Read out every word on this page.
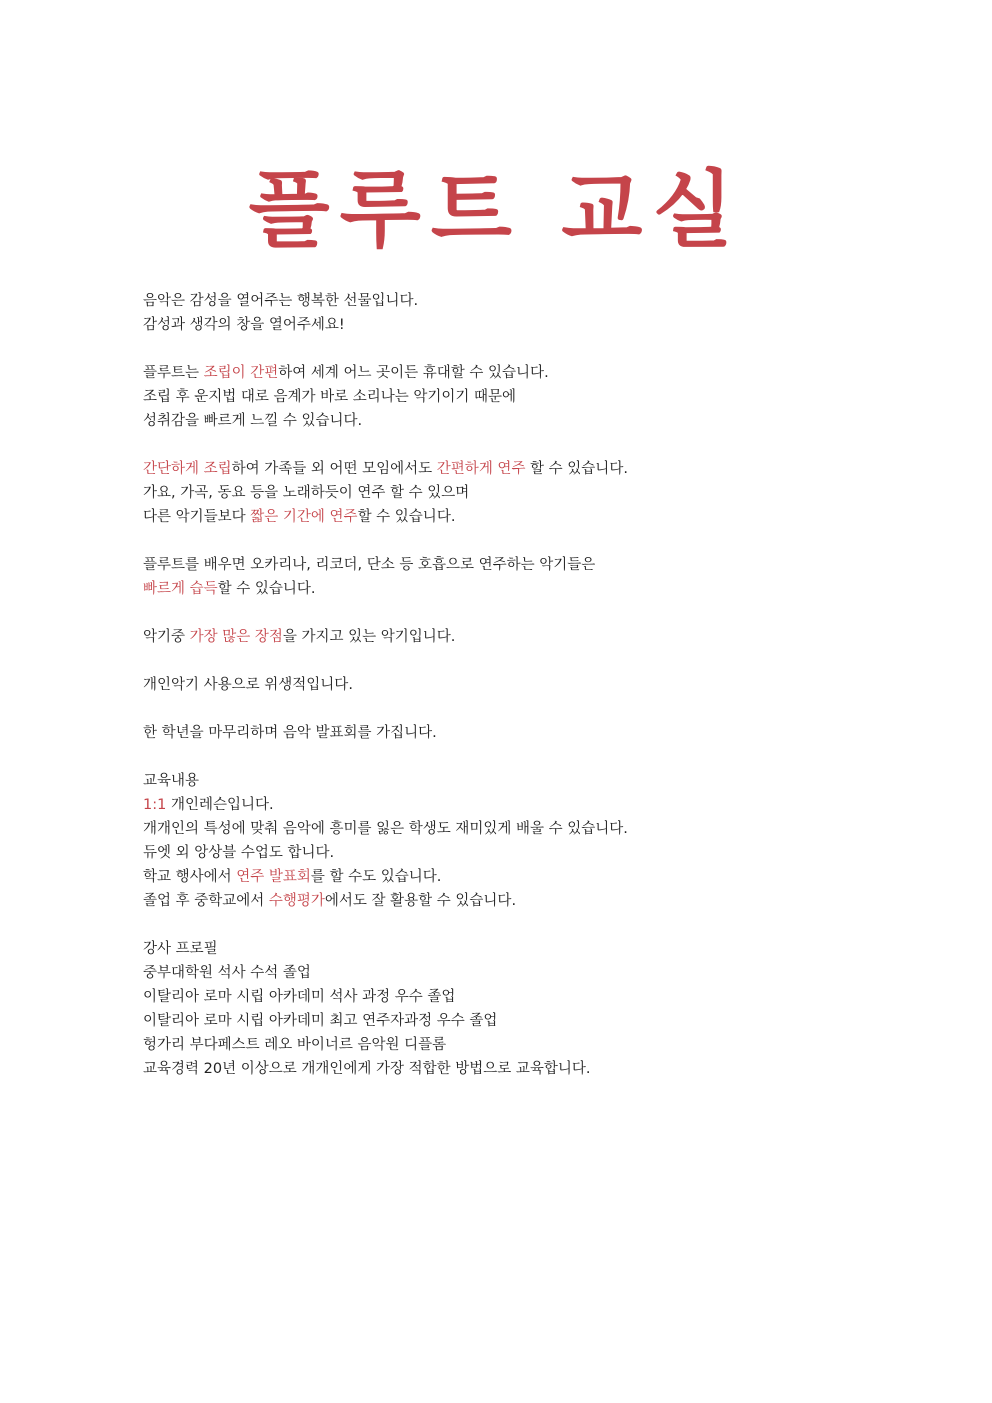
플루트 교실
음악은 감성을 열어주는 행복한 선물입니다.
감성과 생각의 창을 열어주세요!
플루트는 조립이 간편하여 세계 어느 곳이든 휴대할 수 있습니다.
조립 후 운지법 대로 음계가 바로 소리나는 악기이기 때문에
성취감을 빠르게 느낄 수 있습니다.
간단하게 조립하여 가족들 외 어떤 모임에서도 간편하게 연주 할 수 있습니다.
가요, 가곡, 동요 등을 노래하듯이 연주 할 수 있으며
다른 악기들보다 짧은 기간에 연주할 수 있습니다.
플루트를 배우면 오카리나, 리코더, 단소 등 호흡으로 연주하는 악기들은
빠르게 습득할 수 있습니다.
악기중 가장 많은 장점을 가지고 있는 악기입니다.
개인악기 사용으로 위생적입니다.
한 학년을 마무리하며 음악 발표회를 가집니다.
교육내용
1:1 개인레슨입니다.
개개인의 특성에 맞춰 음악에 흥미를 잃은 학생도 재미있게 배울 수 있습니다.
듀엣 외 앙상블 수업도 합니다.
학교 행사에서 연주 발표회를 할 수도 있습니다.
졸업 후 중학교에서 수행평가에서도 잘 활용할 수 있습니다.
강사 프로필
중부대학원 석사 수석 졸업
이탈리아 로마 시립 아카데미 석사 과정 우수 졸업
이탈리아 로마 시립 아카데미 최고 연주자과정 우수 졸업
헝가리 부다페스트 레오 바이너르 음악원 디플롬
교육경력 20년 이상으로 개개인에게 가장 적합한 방법으로 교육합니다.
